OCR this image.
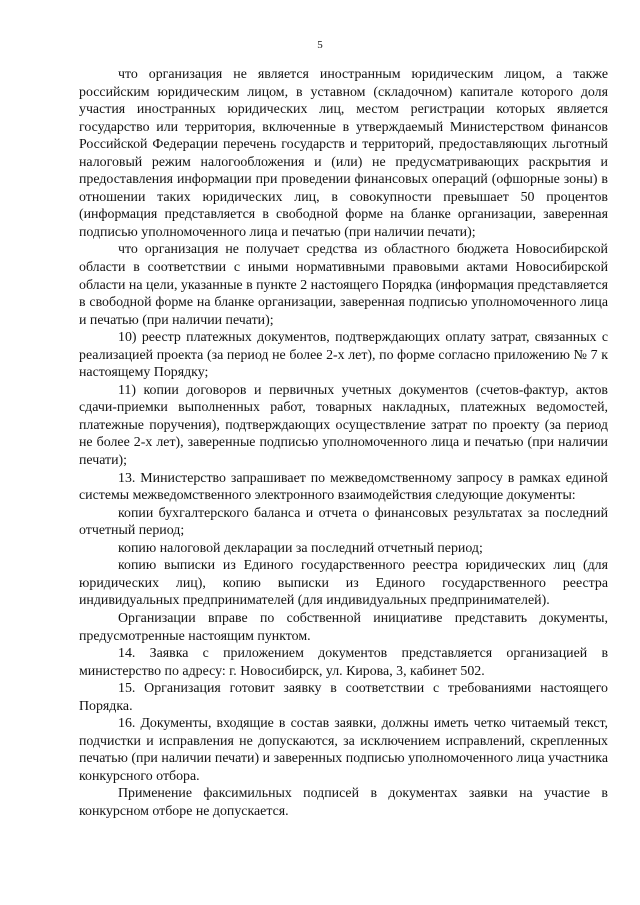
5

что организация не является иностранным юридическим лицом, а также российским юридическим лицом, в уставном (складочном) капитале которого доля участия иностранных юридических лиц, местом регистрации которых является государство или территория, включенные в утверждаемый Министерством финансов Российской Федерации перечень государств и территорий, предоставляющих льготный налоговый режим налогообложения и (или) не предусматривающих раскрытия и предоставления информации при проведении финансовых операций (офшорные зоны) в отношении таких юридических лиц, в совокупности превышает 50 процентов (информация представляется в свободной форме на бланке организации, заверенная подписью уполномоченного лица и печатью (при наличии печати);

что организация не получает средства из областного бюджета Новосибирской области в соответствии с иными нормативными правовыми актами Новосибирской области на цели, указанные в пункте 2 настоящего Порядка (информация представляется в свободной форме на бланке организации, заверенная подписью уполномоченного лица и печатью (при наличии печати);

10) реестр платежных документов, подтверждающих оплату затрат, связанных с реализацией проекта (за период не более 2-х лет), по форме согласно приложению № 7 к настоящему Порядку;

11) копии договоров и первичных учетных документов (счетов-фактур, актов сдачи-приемки выполненных работ, товарных накладных, платежных ведомостей, платежные поручения), подтверждающих осуществление затрат по проекту (за период не более 2-х лет), заверенные подписью уполномоченного лица и печатью (при наличии печати);

13. Министерство запрашивает по межведомственному запросу в рамках единой системы межведомственного электронного взаимодействия следующие документы:

копии бухгалтерского баланса и отчета о финансовых результатах за последний отчетный период;

копию налоговой декларации за последний отчетный период;

копию выписки из Единого государственного реестра юридических лиц (для юридических лиц), копию выписки из Единого государственного реестра индивидуальных предпринимателей (для индивидуальных предпринимателей).

Организации вправе по собственной инициативе представить документы, предусмотренные настоящим пунктом.

14. Заявка с приложением документов представляется организацией в министерство по адресу: г. Новосибирск, ул. Кирова, 3, кабинет 502.

15. Организация готовит заявку в соответствии с требованиями настоящего Порядка.

16. Документы, входящие в состав заявки, должны иметь четко читаемый текст, подчистки и исправления не допускаются, за исключением исправлений, скрепленных печатью (при наличии печати) и заверенных подписью уполномоченного лица участника конкурсного отбора.

Применение факсимильных подписей в документах заявки на участие в конкурсном отборе не допускается.
